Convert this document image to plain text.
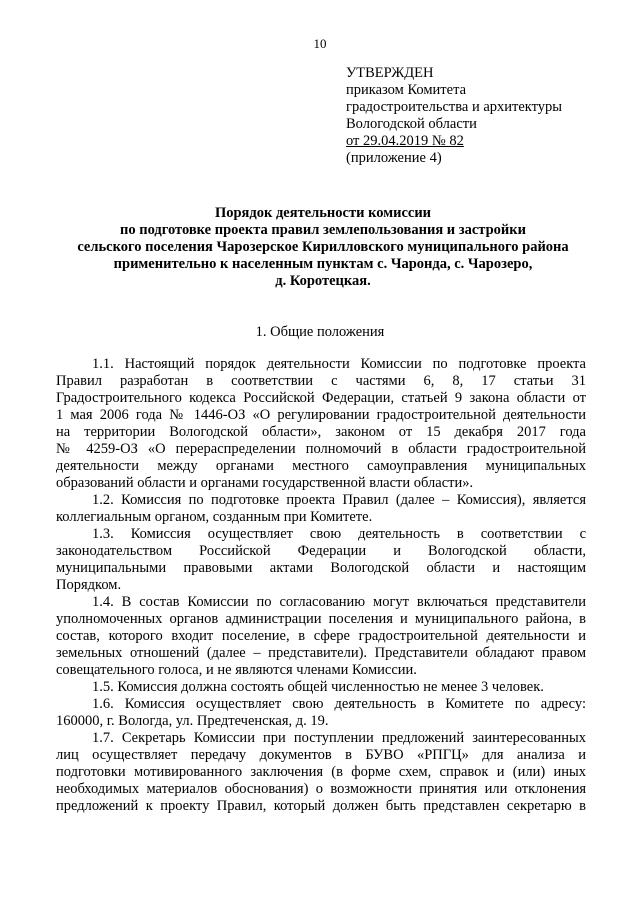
10
УТВЕРЖДЕН
приказом Комитета
градостроительства и архитектуры
Вологодской области
от 29.04.2019 № 82
(приложение 4)
Порядок деятельности комиссии
по подготовке проекта правил землепользования и застройки
сельского поселения Чарозерское Кирилловского муниципального района
применительно к населенным пунктам с. Чаронда, с. Чарозеро,
д. Коротецкая.
1. Общие положения
1.1. Настоящий порядок деятельности Комиссии по подготовке проекта
Правил разработан в соответствии с частями 6, 8, 17 статьи 31
Градостроительного кодекса Российской Федерации, статьей 9 закона области от
1 мая 2006 года № 1446-ОЗ «О регулировании градостроительной деятельности
на территории Вологодской области», законом от 15 декабря 2017 года
№ 4259-ОЗ «О перераспределении полномочий в области градостроительной
деятельности между органами местного самоуправления муниципальных
образований области и органами государственной власти области».
1.2. Комиссия по подготовке проекта Правил (далее – Комиссия), является
коллегиальным органом, созданным при Комитете.
1.3. Комиссия осуществляет свою деятельность в соответствии с
законодательством Российской Федерации и Вологодской области,
муниципальными правовыми актами Вологодской области и настоящим
Порядком.
1.4. В состав Комиссии по согласованию могут включаться представители
уполномоченных органов администрации поселения и муниципального района, в
состав, которого входит поселение, в сфере градостроительной деятельности и
земельных отношений (далее – представители). Представители обладают правом
совещательного голоса, и не являются членами Комиссии.
1.5. Комиссия должна состоять общей численностью не менее 3 человек.
1.6. Комиссия осуществляет свою деятельность в Комитете по адресу:
160000, г. Вологда, ул. Предтеченская, д. 19.
1.7. Секретарь Комиссии при поступлении предложений заинтересованных
лиц осуществляет передачу документов в БУВО «РПГЦ» для анализа и
подготовки мотивированного заключения (в форме схем, справок и (или) иных
необходимых материалов обоснования) о возможности принятия или отклонения
предложений к проекту Правил, который должен быть представлен секретарю в
